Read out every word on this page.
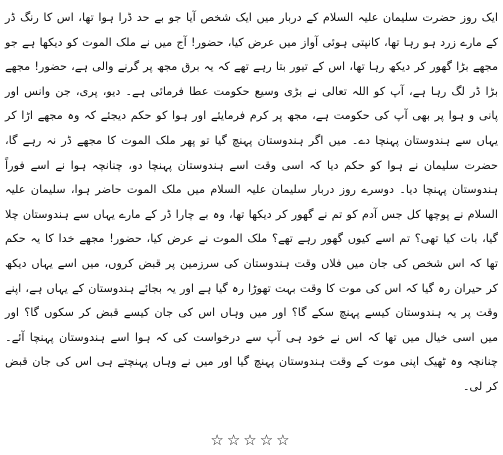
ایک روز حضرت سلیمان علیہ السلام کے دربار میں ایک شخص آیا جو بے حد ڈرا ہوا تھا، اس کا رنگ ڈر کے مارے زرد ہو رہا تھا، کانپتی ہوئی آواز میں عرض کیا، حضور! آج میں نے ملک الموت کو دیکھا ہے جو مجھے بڑا گھور کر دیکھ رہا تھا، اس کے تیور بتا رہے تھے کہ یہ برق مجھ پر گرنے والی ہے، حضور! مجھے بڑا ڈر لگ رہا ہے، آپ کو اللہ تعالی نے بڑی وسیع حکومت عطا فرمائی ہے۔ دیو، پری، جن وانس اور پانی و ہوا پر بھی آپ کی حکومت ہے، مجھ پر کرم فرمایئے اور ہوا کو حکم دیجئے کہ وہ مجھے اڑا کر یہاں سے ہندوستان پہنچا دے۔ میں اگر ہندوستان پہنچ گیا تو پھر ملک الموت کا مجھے ڈر نہ رہے گا، حضرت سلیمان نے ہوا کو حکم دیا کہ اسی وقت اسے ہندوستان پہنچا دو، چنانچہ ہوا نے اسے فوراً ہندوستان پہنچا دیا۔ دوسرے روز دربار سلیمان علیہ السلام میں ملک الموت حاضر ہوا، سلیمان علیہ السلام نے پوچھا کل جس آدم کو تم نے گھور کر دیکھا تھا، وہ بے چارا ڈر کے مارے یہاں سے ہندوستان چلا گیا، بات کیا تھی؟ تم اسے کیوں گھور رہے تھے؟ ملک الموت نے عرض کیا، حضور! مجھے خدا کا یہ حکم تھا کہ اس شخص کی جان میں فلاں وقت ہندوستان کی سرزمین پر قبض کروں، میں اسے یہاں دیکھ کر حیران رہ گیا کہ اس کی موت کا وقت بہت تھوڑا رہ گیا ہے اور یہ بجائے ہندوستان کے یہاں ہے، اپنے وقت پر یہ ہندوستان کیسے پہنچ سکے گا؟ اور میں وہاں اس کی جان کیسے قبض کر سکوں گا؟ اور میں اسی خیال میں تھا کہ اس نے خود ہی آپ سے درخواست کی کہ ہوا اسے ہندوستان پہنچا آئے۔ چنانچہ وہ ٹھیک اپنی موت کے وقت ہندوستان پہنچ گیا اور میں نے وہاں پہنچتے ہی اس کی جان قبض کر لی۔

☆☆☆☆☆
